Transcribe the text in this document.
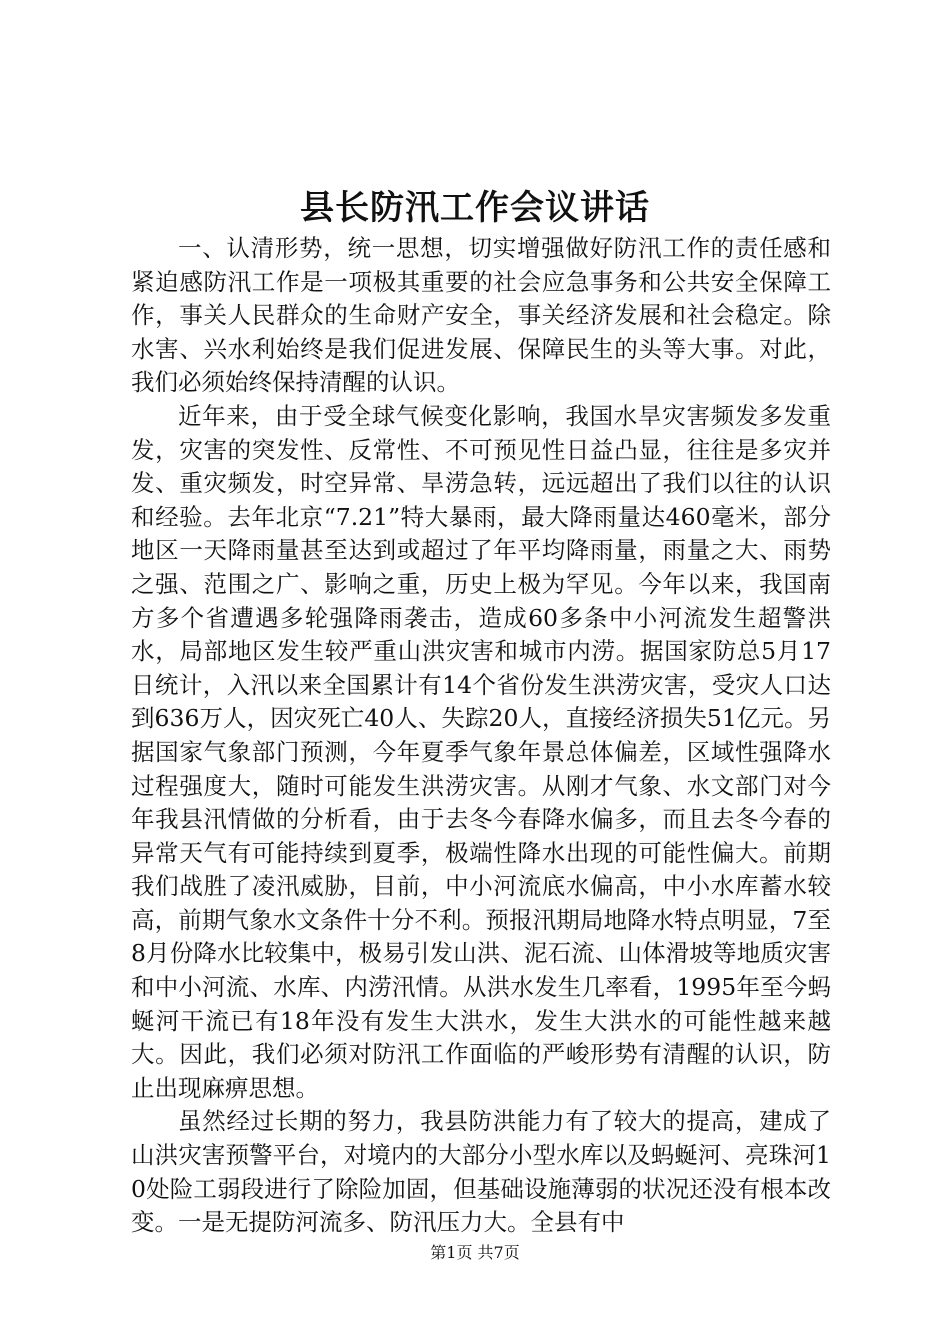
县长防汛工作会议讲话

一、认清形势，统一思想，切实增强做好防汛工作的责任感和紧迫感防汛工作是一项极其重要的社会应急事务和公共安全保障工作，事关人民群众的生命财产安全，事关经济发展和社会稳定。除水害、兴水利始终是我们促进发展、保障民生的头等大事。对此，我们必须始终保持清醒的认识。

近年来，由于受全球气候变化影响，我国水旱灾害频发多发重发，灾害的突发性、反常性、不可预见性日益凸显，往往是多灾并发、重灾频发，时空异常、旱涝急转，远远超出了我们以往的认识和经验。去年北京“7.21”特大暴雨，最大降雨量达460毫米，部分地区一天降雨量甚至达到或超过了年平均降雨量，雨量之大、雨势之强、范围之广、影响之重，历史上极为罕见。今年以来，我国南方多个省遭遇多轮强降雨袭击，造成60多条中小河流发生超警洪水，局部地区发生较严重山洪灾害和城市内涝。据国家防总5月17日统计，入汛以来全国累计有14个省份发生洪涝灾害，受灾人口达到636万人，因灾死亡40人、失踪20人，直接经济损失51亿元。另据国家气象部门预测，今年夏季气象年景总体偏差，区域性强降水过程强度大，随时可能发生洪涝灾害。从刚才气象、水文部门对今年我县汛情做的分析看，由于去冬今春降水偏多，而且去冬今春的异常天气有可能持续到夏季，极端性降水出现的可能性偏大。前期我们战胜了凌汛威胁，目前，中小河流底水偏高，中小水库蓄水较高，前期气象水文条件十分不利。预报汛期局地降水特点明显，7至8月份降水比较集中，极易引发山洪、泥石流、山体滑坡等地质灾害和中小河流、水库、内涝汛情。从洪水发生几率看，1995年至今蚂蜒河干流已有18年没有发生大洪水，发生大洪水的可能性越来越大。因此，我们必须对防汛工作面临的严峻形势有清醒的认识，防止出现麻痹思想。

虽然经过长期的努力，我县防洪能力有了较大的提高，建成了山洪灾害预警平台，对境内的大部分小型水库以及蚂蜒河、亮珠河10处险工弱段进行了除险加固，但基础设施薄弱的状况还没有根本改变。一是无提防河流多、防汛压力大。全县有中

第1页 共7页
